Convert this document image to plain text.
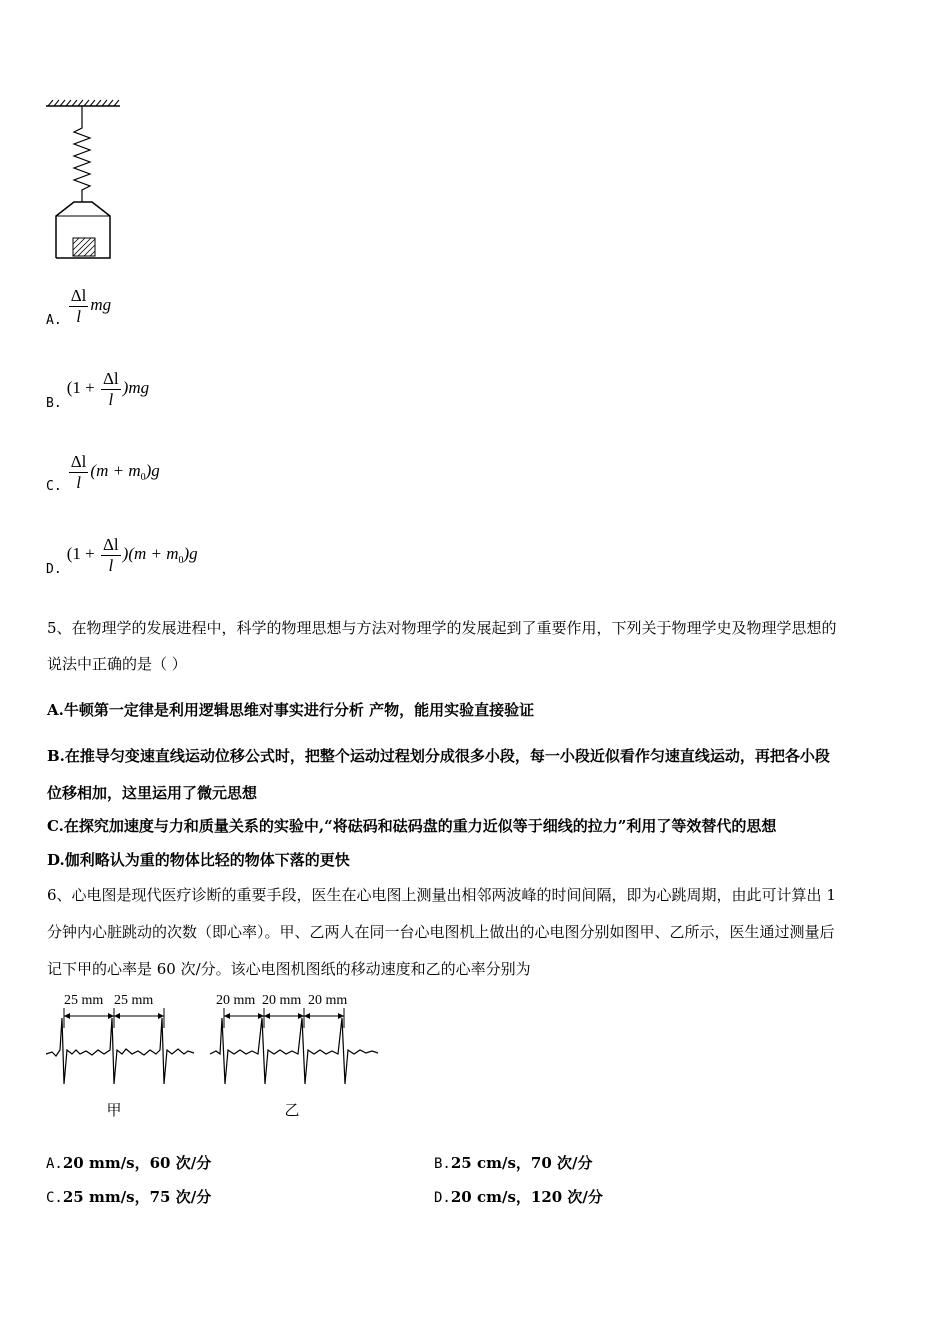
$_{A.} \frac{\Delta l}{l}$ mg
$_{B.}$ $(1 + \frac{\Delta l}{l} )mg$
$_{C.} \frac{\Delta l}{l} (m + m_0)g$
$_{D.}$ $(1 + \frac{\Delta l}{l} )(m + m_0)g$
5、在物理学的发展进程中，科学的物理思想与方法对物理学的发展起到了重要作用，下列关于物理学史及物理学思想的
说法中正确的是（ ）
A.牛顿第一定律是利用逻辑思维对事实进行分析 产物，能用实验直接验证
B.在推导匀变速直线运动位移公式时，把整个运动过程划分成很多小段，每一小段近似看作匀速直线运动，再把各小段
位移相加，这里运用了微元思想
C.在探究加速度与力和质量关系的实验中,“将砝码和砝码盘的重力近似等于细线的拉力”利用了等效替代的思想
D.伽利略认为重的物体比轻的物体下落的更快
6、心电图是现代医疗诊断的重要手段，医生在心电图上测量出相邻两波峰的时间间隔，即为心跳周期，由此可计算出 1
分钟内心脏跳动的次数（即心率）。甲、乙两人在同一台心电图机上做出的心电图分别如图甲、乙所示，医生通过测量后
记下甲的心率是 60 次/分。该心电图机图纸的移动速度和乙的心率分别为
25 mm 25 mm	20 mm 20 mm 20 mm
甲	乙
A.20 mm/s，60 次/分	B.25 cm/s，70 次/分
C.25 mm/s，75 次/分	D.20 cm/s，120 次/分
